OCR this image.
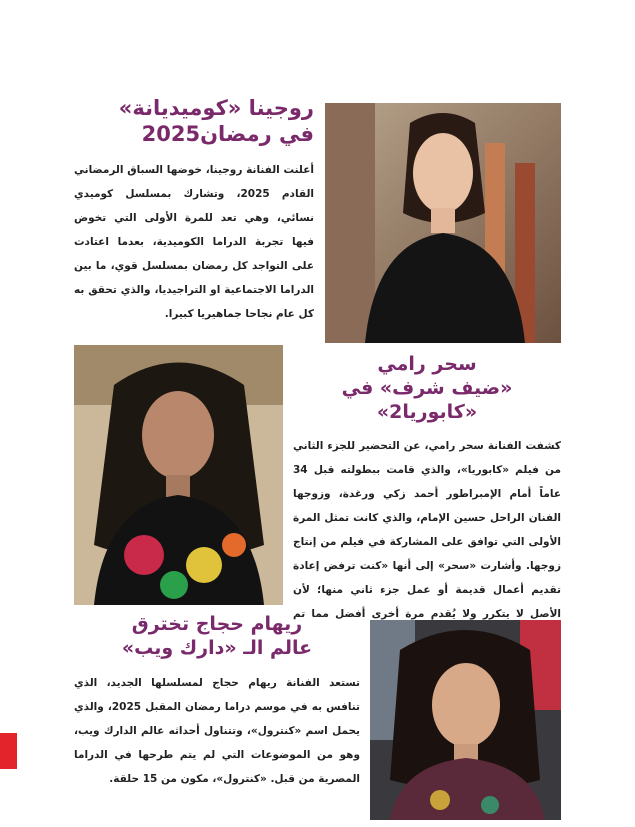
روجينا «كوميديانة»
في رمضان2025

أعلنت الفنانة روجينا، خوضها السباق الرمضاني القادم 2025، وتشارك بمسلسل كوميدي نسائي، وهي تعد للمرة الأولى التي تخوض فيها تجربة الدراما الكوميدية، بعدما اعتادت على التواجد كل رمضان بمسلسل قوي، ما بين الدراما الاجتماعية او التراجيديا، والذي تحقق به كل عام نجاحا جماهيريا كبيرا.

سحر رامي
«ضيف شرف» في «كابوريا2»

كشفت الفنانة سحر رامي، عن التحضير للجزء الثاني من فيلم «كابوريا»، والذي قامت ببطولته قبل 34 عاماً أمام الإمبراطور أحمد زكي ورغدة، وزوجها الفنان الراحل حسين الإمام، والذي كانت تمثل المرة الأولى التي توافق على المشاركة في فيلم من إنتاج زوجها. وأشارت «سحر» إلى أنها «كنت ترفض إعادة تقديم أعمال قديمة أو عمل جزء ثاني منها؛ لأن الأصل لا يتكرر ولا يُقدم مرة أخرى أفضل مما تم

ريهام حجاج تخترق
عالم الـ «دارك ويب»

تستعد الفنانة ريهام حجاج لمسلسلها الجديد، الذي تنافس به في موسم دراما رمضان المقبل 2025، والذي يحمل اسم «كنترول»، وتتناول أحداثه عالم الدارك ويب، وهو من الموضوعات التي لم يتم طرحها في الدراما المصرية من قبل. «كنترول»، مكون من 15 حلقة.
